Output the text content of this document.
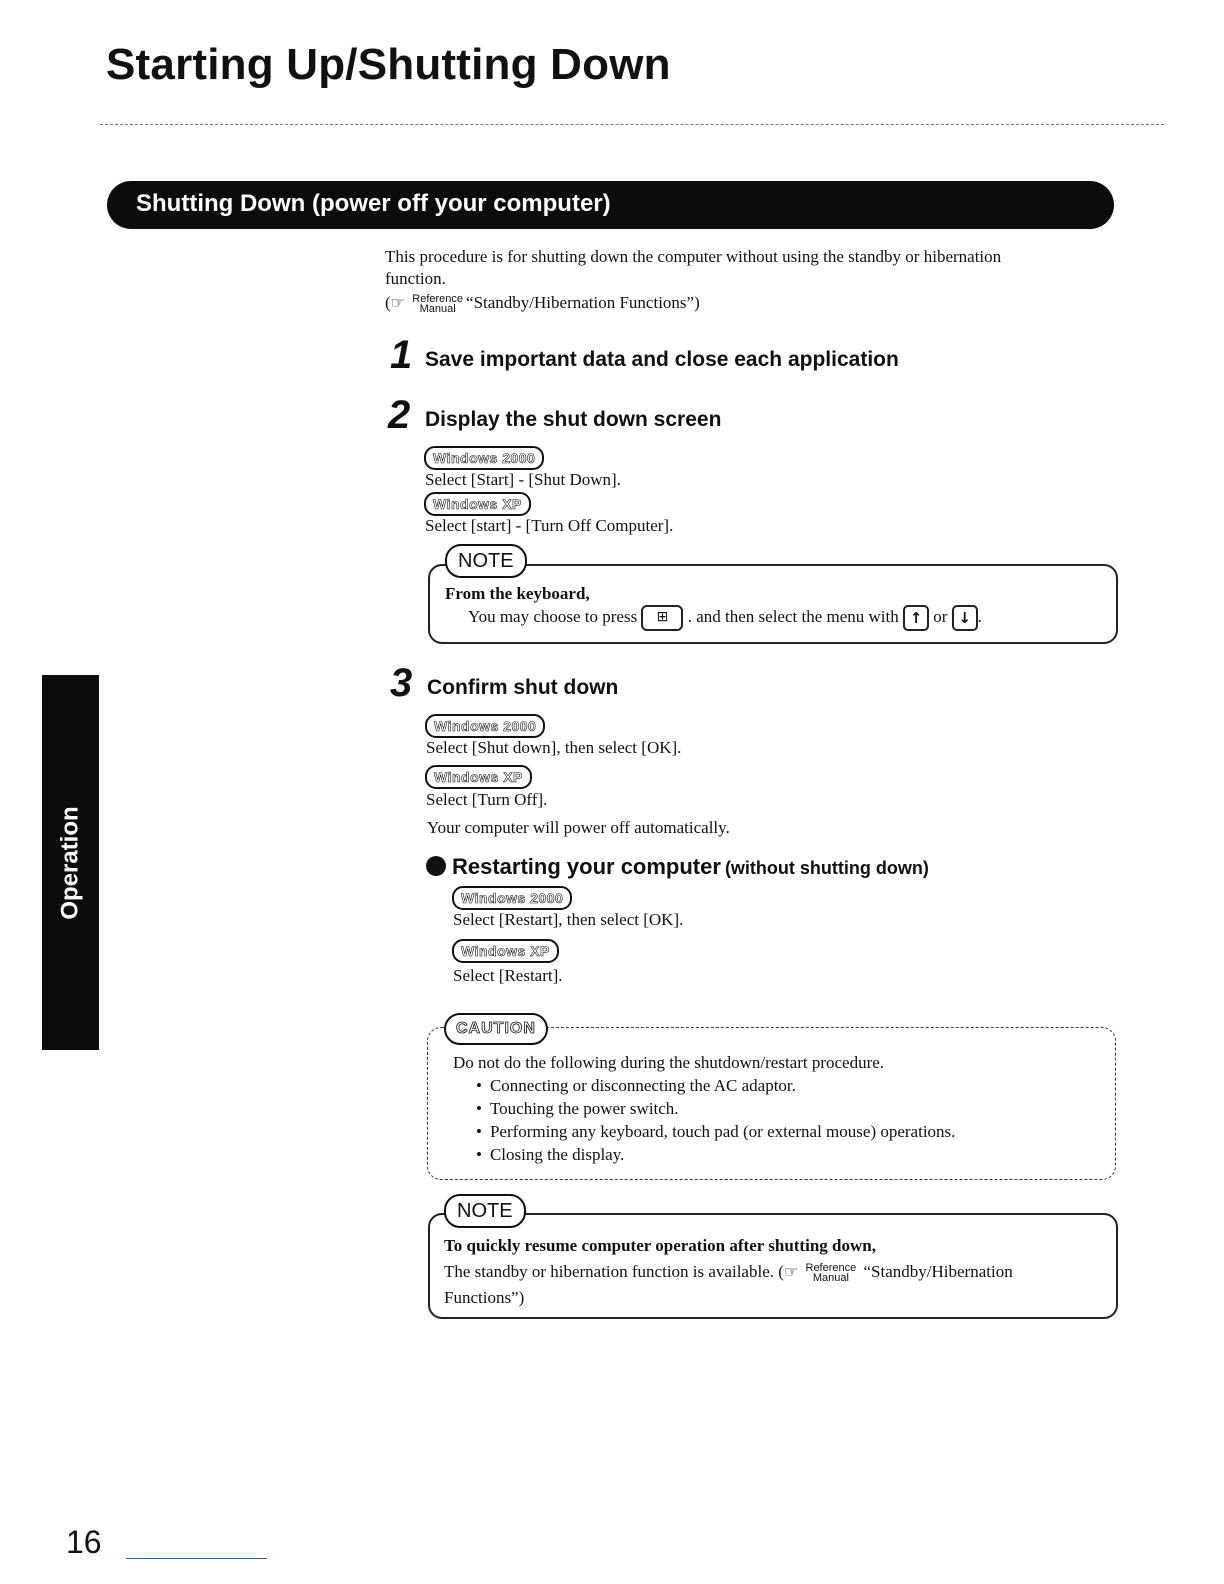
Starting Up/Shutting Down
Shutting Down (power off your computer)
This procedure is for shutting down the computer without using the standby or hibernation
function.
(☞ Reference
Manual “Standby/Hibernation Functions”)
1 Save important data and close each application
2 Display the shut down screen
Windows 2000
Select [Start] - [Shut Down].
Windows XP
Select [start] - [Turn Off Computer].
NOTE
From the keyboard,
You may choose to press ⊞ . and then select the menu with ↑ or ↓ .
3 Confirm shut down
Windows 2000
Select [Shut down], then select [OK].
Windows XP
Select [Turn Off].
Your computer will power off automatically.
Restarting your computer (without shutting down)
Windows 2000
Select [Restart], then select [OK].
Windows XP
Select [Restart].
CAUTION
Do not do the following during the shutdown/restart procedure.
• Connecting or disconnecting the AC adaptor.
• Touching the power switch.
• Performing any keyboard, touch pad (or external mouse) operations.
• Closing the display.
NOTE
To quickly resume computer operation after shutting down,
The standby or hibernation function is available. (☞ Reference
Manual “Standby/Hibernation
Functions”)
Operation
16
